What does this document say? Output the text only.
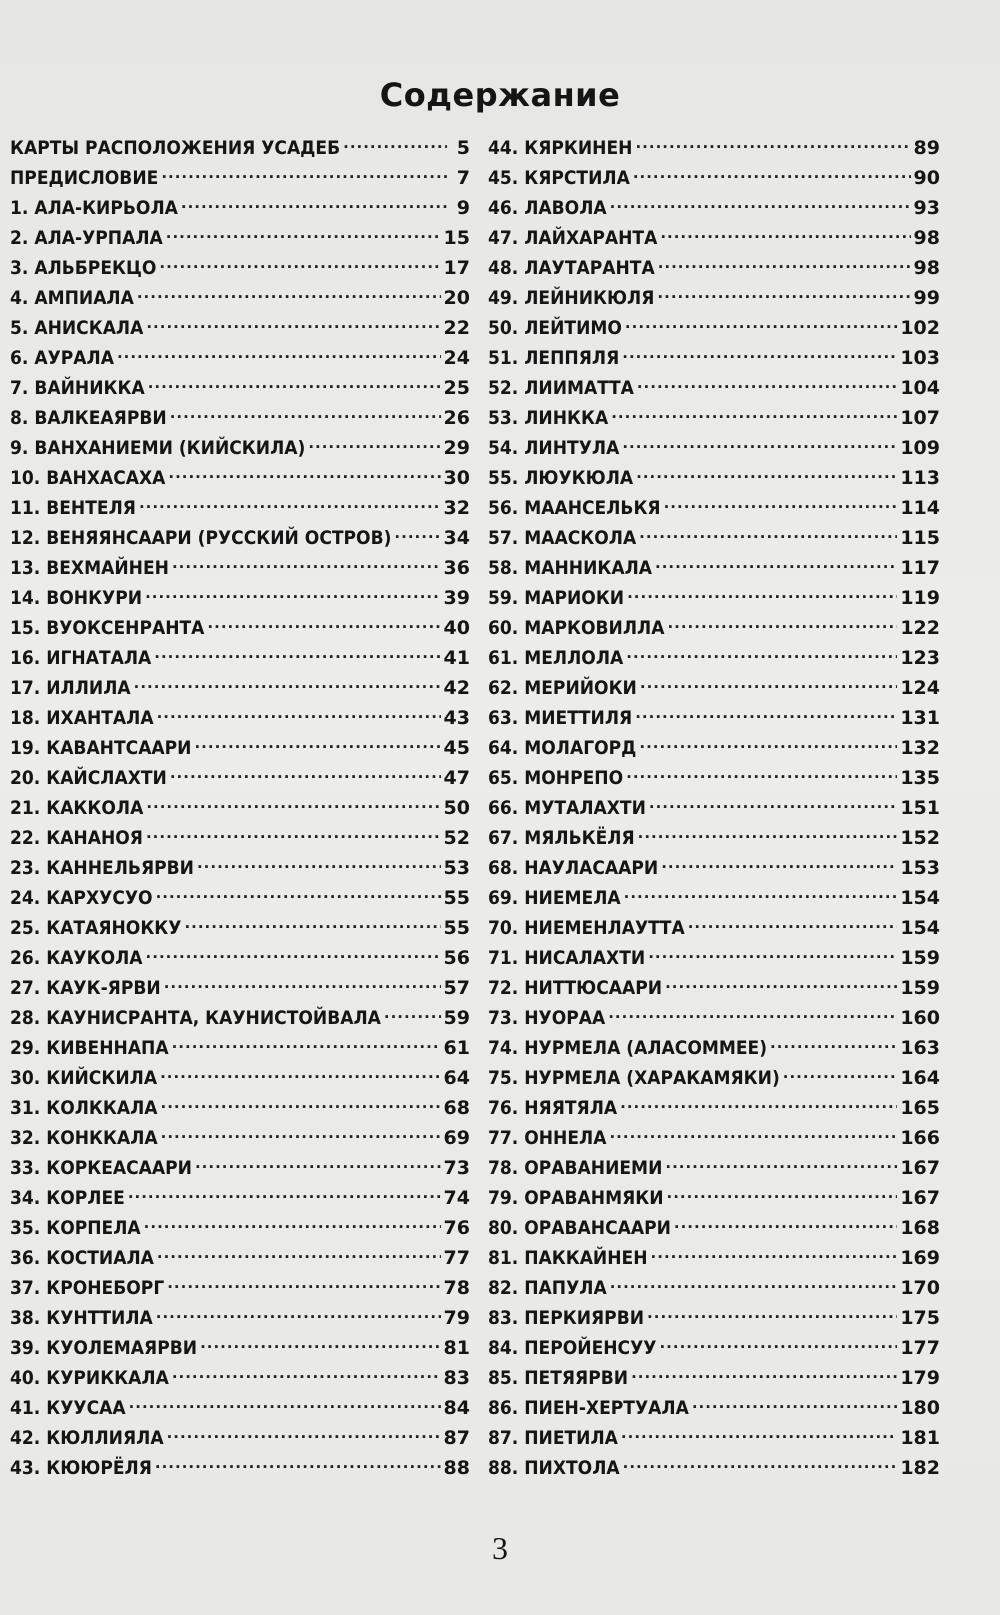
Содержание
КАРТЫ РАСПОЛОЖЕНИЯ УСАДЕБ .....	5
ПРЕДИСЛОВИЕ .....	7
1. АЛА-КИРЬОЛА .....	9
2. АЛА-УРПАЛА .....	15
3. АЛЬБРЕКЦО .....	17
4. АМПИАЛА .....	20
5. АНИСКАЛА .....	22
6. АУРАЛА .....	24
7. ВАЙНИККА .....	25
8. ВАЛКЕАЯРВИ .....	26
9. ВАНХАНИЕМИ (КИЙСКИЛА) .....	29
10. ВАНХАСАХА .....	30
11. ВЕНТЕЛЯ .....	32
12. ВЕНЯЯНСААРИ (РУССКИЙ ОСТРОВ) .....	34
13. ВЕХМАЙНЕН .....	36
14. ВОНКУРИ .....	39
15. ВУОКСЕНРАНТА .....	40
16. ИГНАТАЛА .....	41
17. ИЛЛИЛА .....	42
18. ИХАНТАЛА .....	43
19. КАВАНТСААРИ .....	45
20. КАЙСЛАХТИ .....	47
21. КАККОЛА .....	50
22. КАНАНОЯ .....	52
23. КАННЕЛЬЯРВИ .....	53
24. КАРХУСУО .....	55
25. КАТАЯНОККУ .....	55
26. КАУКОЛА .....	56
27. КАУК-ЯРВИ .....	57
28. КАУНИСРАНТА, КАУНИСТОЙВАЛА .....	59
29. КИВЕННАПА .....	61
30. КИЙСКИЛА .....	64
31. КОЛККАЛА .....	68
32. КОНККАЛА .....	69
33. КОРКЕАСААРИ .....	73
34. КОРЛЕЕ .....	74
35. КОРПЕЛА .....	76
36. КОСТИАЛА .....	77
37. КРОНЕБОРГ .....	78
38. КУНТТИЛА .....	79
39. КУОЛЕМАЯРВИ .....	81
40. КУРИККАЛА .....	83
41. КУУСАА .....	84
42. КЮЛЛИЯЛА .....	87
43. КЮЮРЁЛЯ .....	88
44. КЯРКИНЕН .....	89
45. КЯРСТИЛА .....	90
46. ЛАВОЛА .....	93
47. ЛАЙХАРАНТА .....	98
48. ЛАУТАРАНТА .....	98
49. ЛЕЙНИКЮЛЯ .....	99
50. ЛЕЙТИМО .....	102
51. ЛЕППЯЛЯ .....	103
52. ЛИИМАТТА .....	104
53. ЛИНККА .....	107
54. ЛИНТУЛА .....	109
55. ЛЮУКЮЛА .....	113
56. МААНСЕЛЬКЯ .....	114
57. МААСКОЛА .....	115
58. МАННИКАЛА .....	117
59. МАРИОКИ .....	119
60. МАРКОВИЛЛА .....	122
61. МЕЛЛОЛА .....	123
62. МЕРИЙОКИ .....	124
63. МИЕТТИЛЯ .....	131
64. МОЛАГОРД .....	132
65. МОНРЕПО .....	135
66. МУТАЛАХТИ .....	151
67. МЯЛЬКЁЛЯ .....	152
68. НАУЛАСААРИ .....	153
69. НИЕМЕЛА .....	154
70. НИЕМЕНЛАУТТА .....	154
71. НИСАЛАХТИ .....	159
72. НИТТЮСААРИ .....	159
73. НУОРАА .....	160
74. НУРМЕЛА (АЛАСОММЕЕ) .....	163
75. НУРМЕЛА (ХАРАКАМЯКИ) .....	164
76. НЯЯТЯЛА .....	165
77. ОННЕЛА .....	166
78. ОРАВАНИЕМИ .....	167
79. ОРАВАНМЯКИ .....	167
80. ОРАВАНСААРИ .....	168
81. ПАККАЙНЕН .....	169
82. ПАПУЛА .....	170
83. ПЕРКИЯРВИ .....	175
84. ПЕРОЙЕНСУУ .....	177
85. ПЕТЯЯРВИ .....	179
86. ПИЕН-ХЕРТУАЛА .....	180
87. ПИЕТИЛА .....	181
88. ПИХТОЛА .....	182
3
